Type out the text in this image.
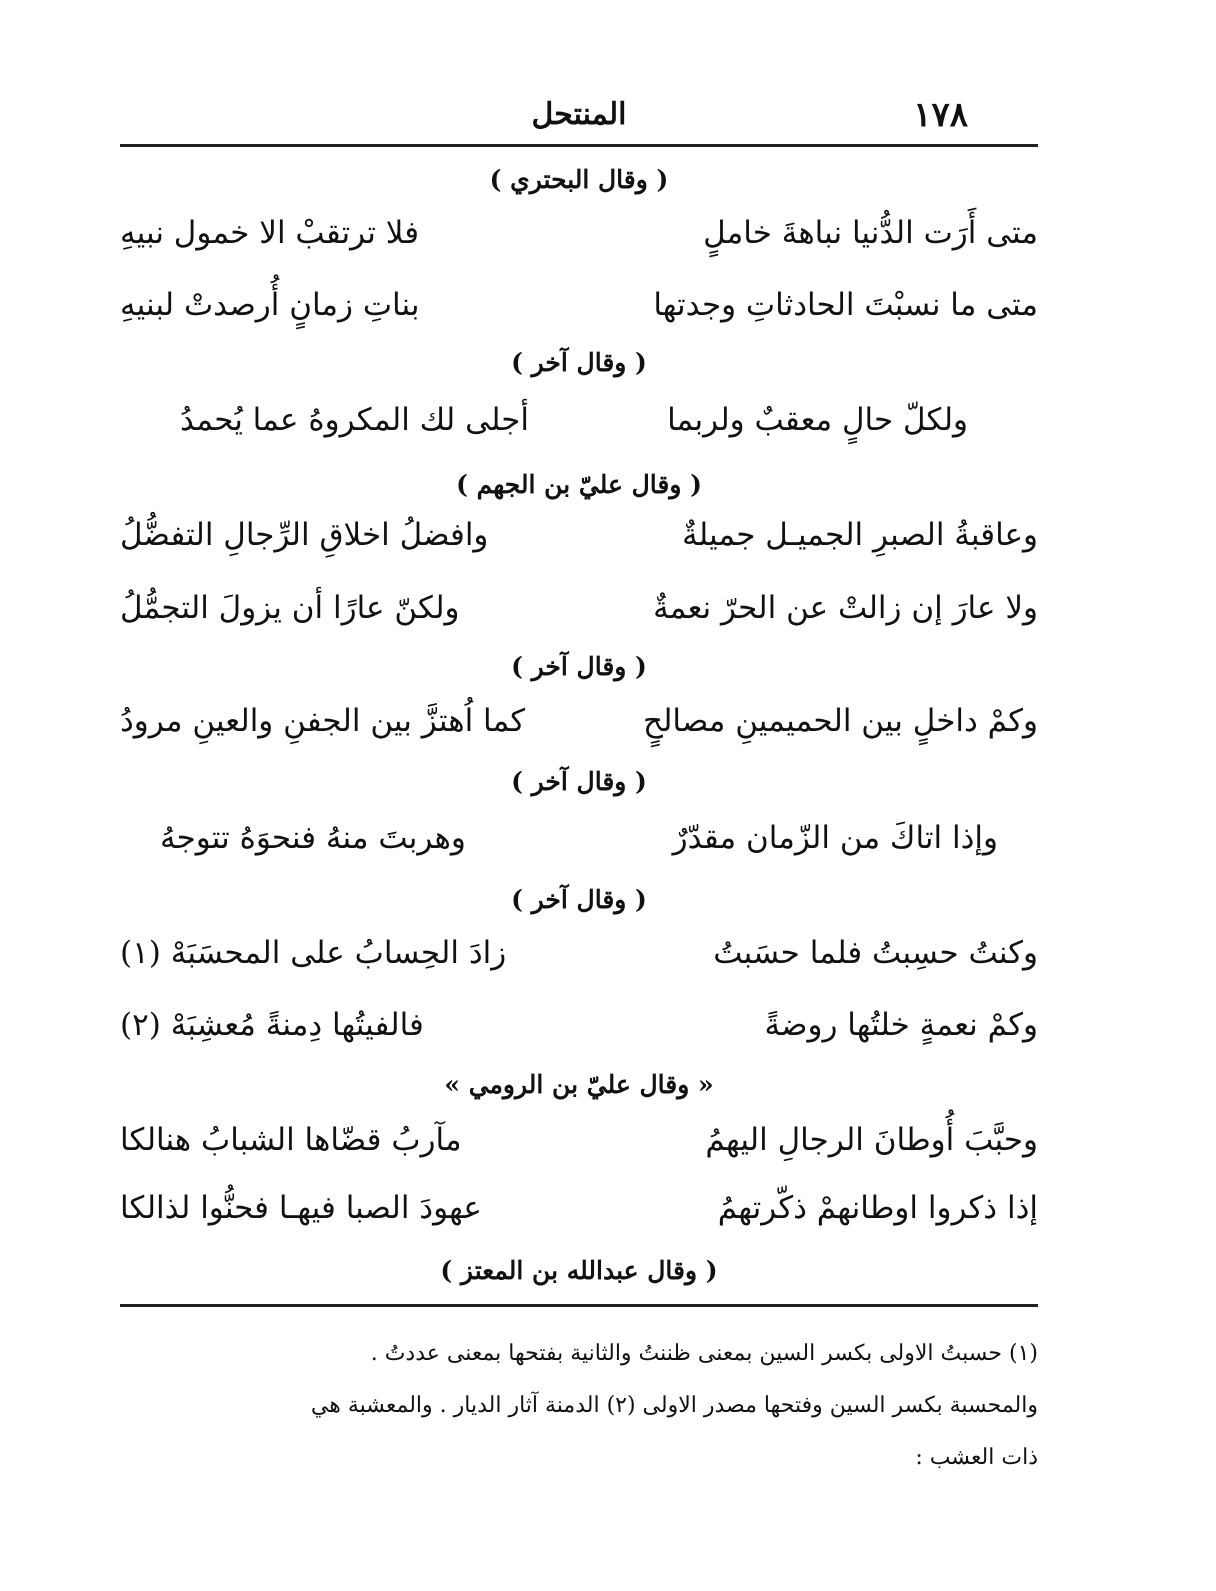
المنتحل	١٧٨
( وقال البحتري )
متى أَرَت الدُّنيا نباهةَ خاملٍ
فلا ترتقبْ الا خمول نبيهِ
متى ما نسبْتَ الحادثاتِ وجدتها
بناتِ زمانٍ أُرصدتْ لبنيهِ
( وقال آخر )
ولكلّ حالٍ معقبٌ ولربما
أجلى لك المكروهُ عما يُحمدُ
( وقال عليّ بن الجهم )
وعاقبةُ الصبرِ الجميـل جميلةٌ
وافضلُ اخلاقِ الرِّجالِ التفضُّلُ
ولا عارَ إن زالتْ عن الحرّ نعمةٌ
ولكنّ عارًا أن يزولَ التجمُّلُ
( وقال آخر )
وكمْ داخلٍ بين الحميمينِ مصالحٍ
كما اُهتزَّ بين الجفنِ والعينِ مرودُ
( وقال آخر )
وإذا اتاكَ من الزّمان مقدّرٌ
وهربتَ منهُ فنحوَهُ تتوجهُ
( وقال آخر )
وكنتُ حسِبتُ فلما حسَبتُ
زادَ الحِسابُ على المحسَبَهْ (١)
وكمْ نعمةٍ خلتُها روضةً
فالفيتُها دِمنةً مُعشِبَهْ (٢)
« وقال عليّ بن الرومي »
وحبَّبَ أُوطانَ الرجالِ اليهمُ
مآربُ قضّاها الشبابُ هنالكا
إذا ذكروا اوطانهمْ ذكّرتهمُ
عهودَ الصبا فيهـا فحنُّوا لذالكا
( وقال عبدالله بن المعتز )
(١) حسبتُ الاولى بكسر السين بمعنى ظننتُ والثانية بفتحها بمعنى عددتُ .
والمحسبة بكسر السين وفتحها مصدر الاولى (٢) الدمنة آثار الديار . والمعشبة هي
ذات العشب :
